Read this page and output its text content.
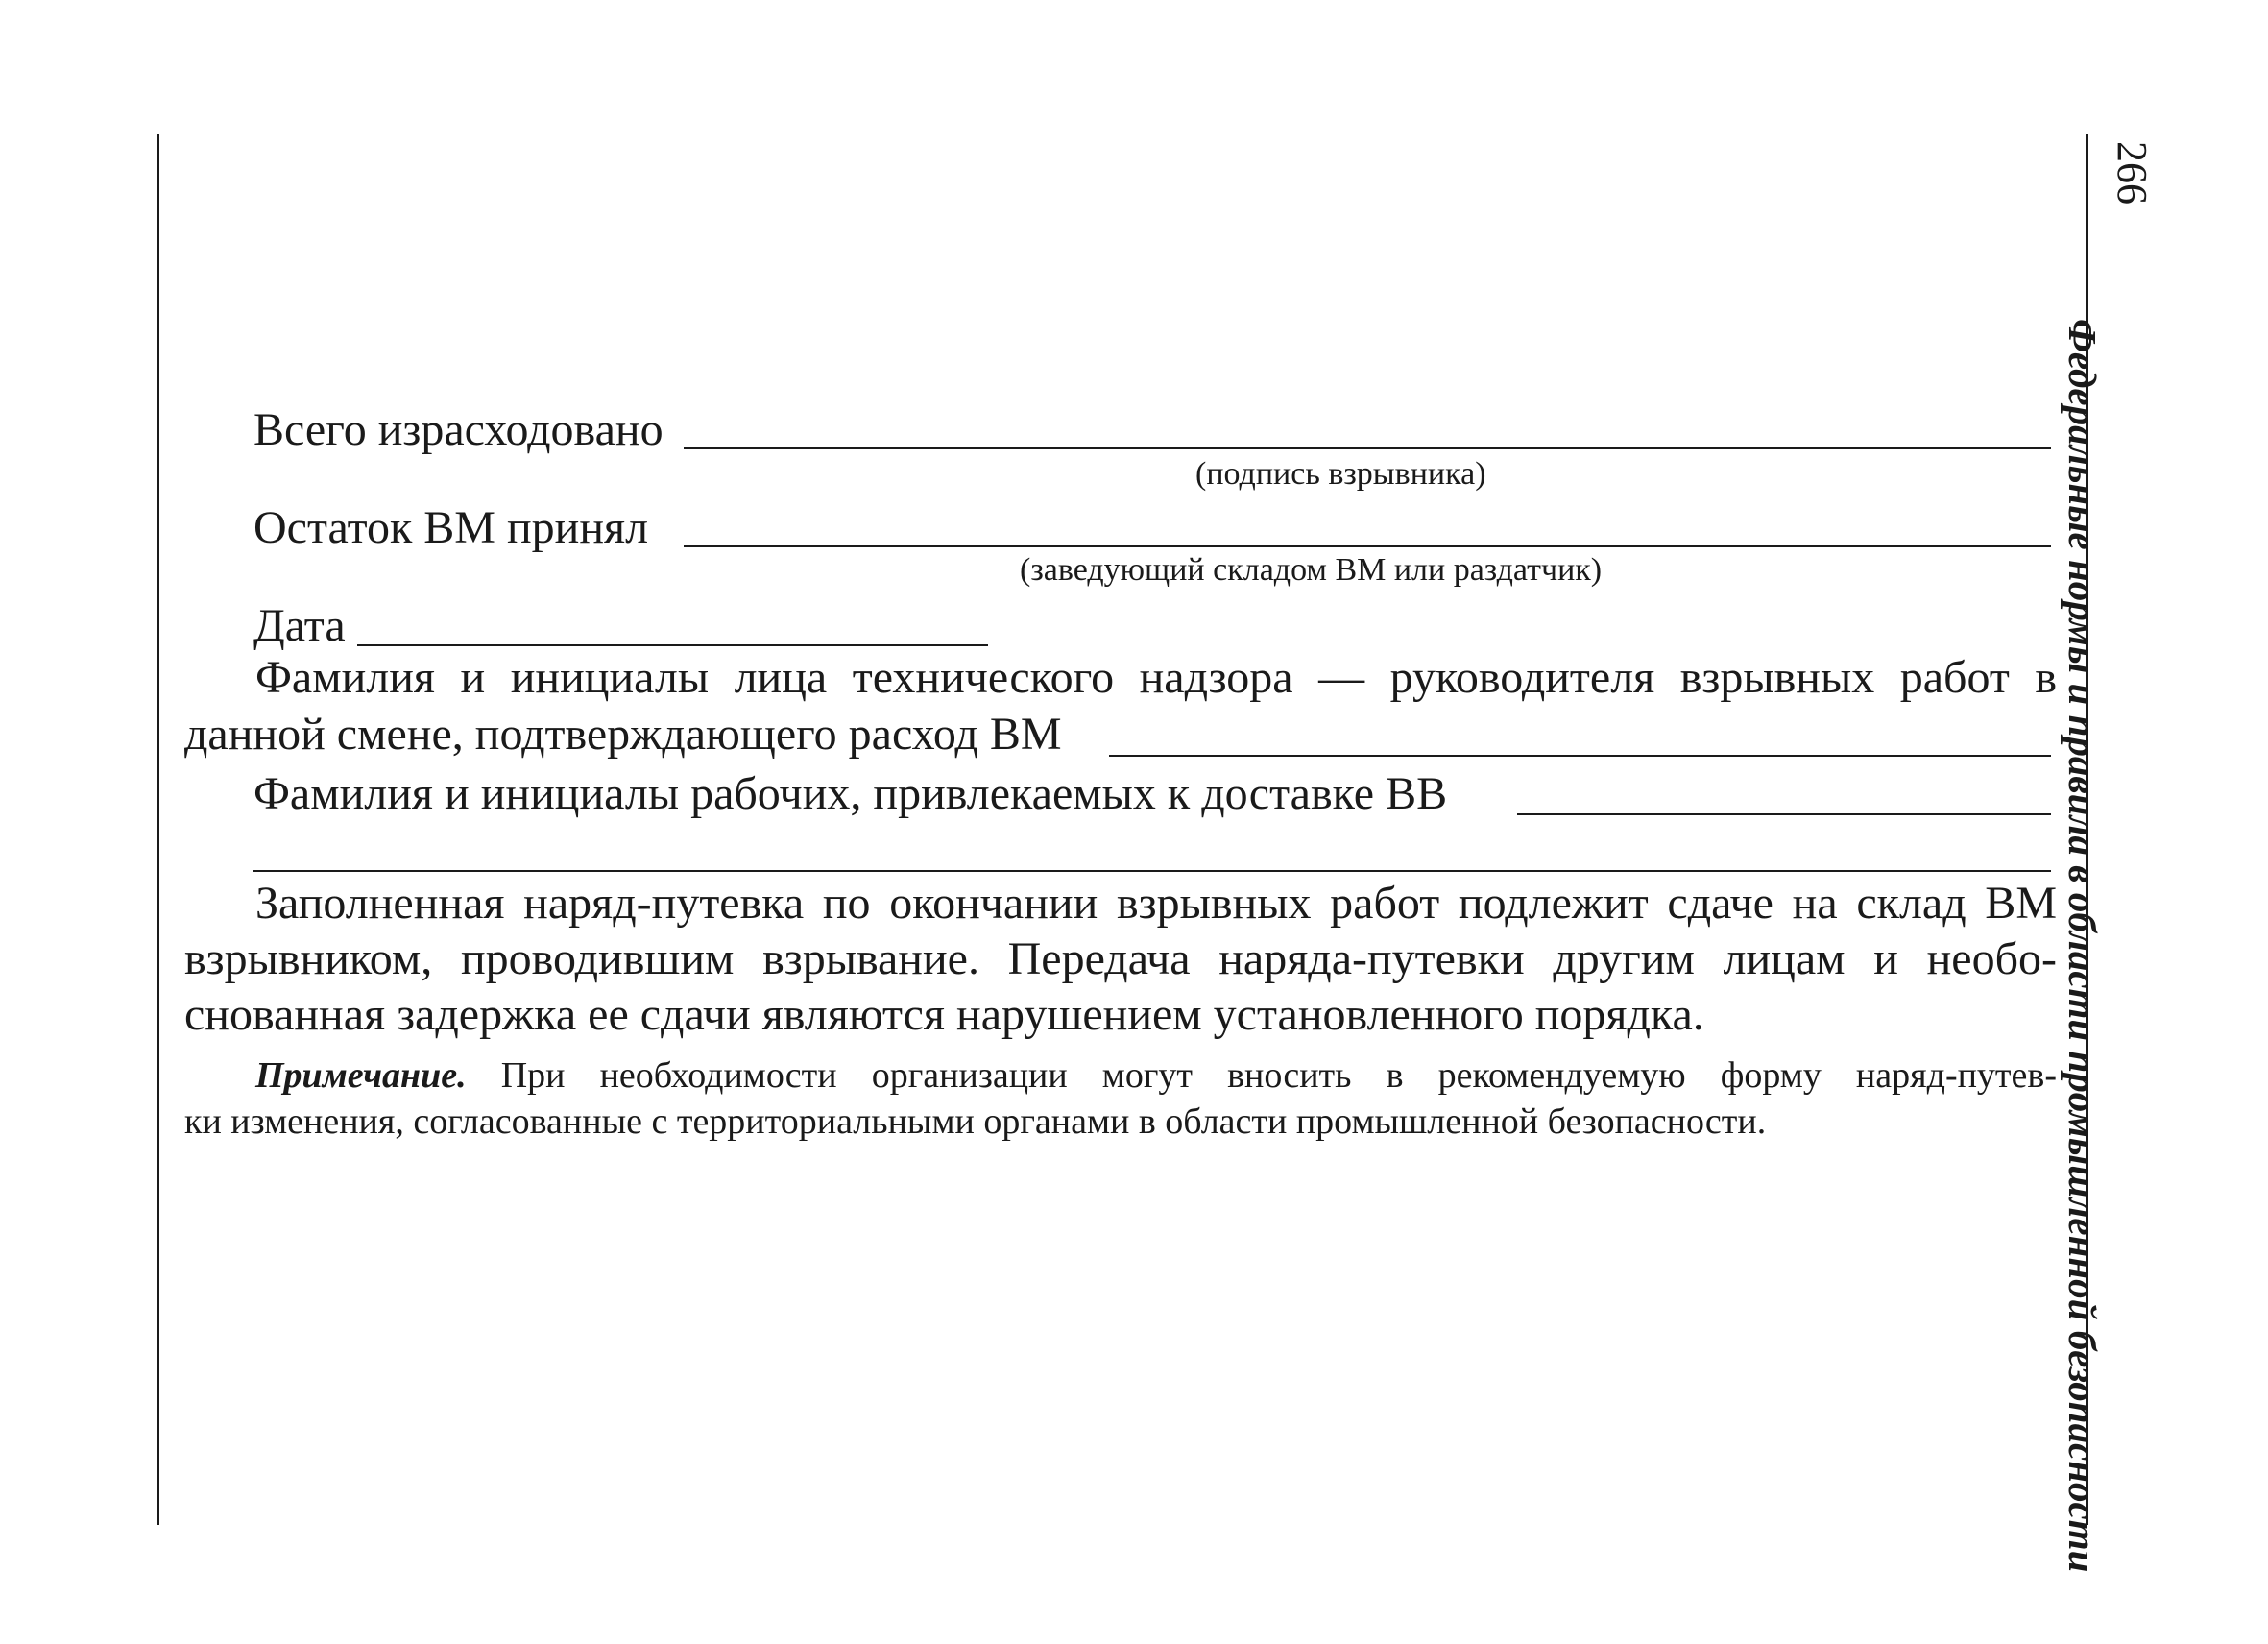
266
Федеральные нормы и правила в области промышленной безопасности
Всего израсходовано
(подпись взрывника)
Остаток ВМ принял
(заведующий складом ВМ или раздатчик)
Дата
Фамилия и инициалы лица технического надзора — руководителя взрывных работ в
данной смене, подтверждающего расход ВМ
Фамилия и инициалы рабочих, привлекаемых к доставке ВВ
Заполненная наряд-путевка по окончании взрывных работ подлежит сдаче на склад ВМ
взрывником, проводившим взрывание. Передача наряда-путевки другим лицам и необо-
снованная задержка ее сдачи являются нарушением установленного порядка.
Примечание. При необходимости организации могут вносить в рекомендуемую форму наряд-путев-
ки изменения, согласованные с территориальными органами в области промышленной безопасности.
